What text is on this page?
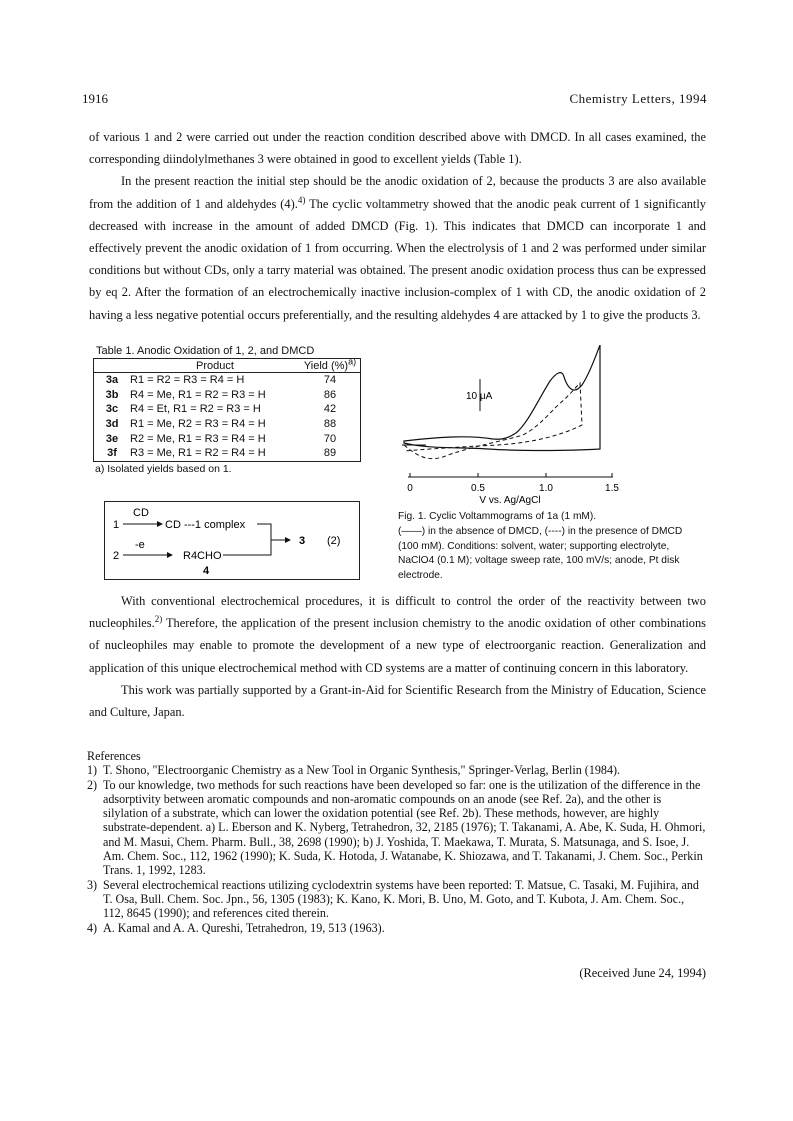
1916	Chemistry Letters, 1994

of various 1 and 2 were carried out under the reaction condition described above with DMCD. In all cases examined, the corresponding diindolylmethanes 3 were obtained in good to excellent yields (Table 1).

In the present reaction the initial step should be the anodic oxidation of 2, because the products 3 are also available from the addition of 1 and aldehydes (4).$^{4)}$ The cyclic voltammetry showed that the anodic peak current of 1 significantly decreased with increase in the amount of added DMCD (Fig. 1). This indicates that DMCD can incorporate 1 and effectively prevent the anodic oxidation of 1 from occurring. When the electrolysis of 1 and 2 was performed under similar conditions but without CDs, only a tarry material was obtained. The present anodic oxidation process thus can be expressed by eq 2. After the formation of an electrochemically inactive inclusion-complex of 1 with CD, the anodic oxidation of 2 having a less negative potential occurs preferentially, and the resulting aldehydes 4 are attacked by 1 to give the products 3.

Table 1. Anodic Oxidation of 1, 2, and DMCD
	Product	Yield (%)$^{a)}$
3a	R1 = R2 = R3 = R4 = H	74
3b	R4 = Me, R1 = R2 = R3 = H	86
3c	R4 = Et, R1 = R2 = R3 = H	42
3d	R1 = Me, R2 = R3 = R4 = H	88
3e	R2 = Me, R1 = R3 = R4 = H	70
3f	R3 = Me, R1 = R2 = R4 = H	89
a) Isolated yields based on 1.
1
CD
CD ---1 complex
2
-e
R4CHO
4
3 (2)
10 μA
0	0.5	1.0	1.5
V vs. Ag/AgCl
Fig. 1. Cyclic Voltammograms of 1a (1 mM).
(——) in the absence of DMCD, (----) in the presence of DMCD (100 mM). Conditions: solvent, water; supporting electrolyte, NaClO4 (0.1 M); voltage sweep rate, 100 mV/s; anode, Pt disk electrode.

With conventional electrochemical procedures, it is difficult to control the order of the reactivity between two nucleophiles.$^{2)}$ Therefore, the application of the present inclusion chemistry to the anodic oxidation of other combinations of nucleophiles may enable to promote the development of a new type of electroorganic reaction. Generalization and application of this unique electrochemical method with CD systems are a matter of continuing concern in this laboratory.

This work was partially supported by a Grant-in-Aid for Scientific Research from the Ministry of Education, Science and Culture, Japan.

References
1) T. Shono, "Electroorganic Chemistry as a New Tool in Organic Synthesis," Springer-Verlag, Berlin (1984).
2) To our knowledge, two methods for such reactions have been developed so far: one is the utilization of the difference in the adsorptivity between aromatic compounds and non-aromatic compounds on an anode (see Ref. 2a), and the other is silylation of a substrate, which can lower the oxidation potential (see Ref. 2b). These methods, however, are highly substrate-dependent. a) L. Eberson and K. Nyberg, Tetrahedron, 32, 2185 (1976); T. Takanami, A. Abe, K. Suda, H. Ohmori, and M. Masui, Chem. Pharm. Bull., 38, 2698 (1990); b) J. Yoshida, T. Maekawa, T. Murata, S. Matsunaga, and S. Isoe, J. Am. Chem. Soc., 112, 1962 (1990); K. Suda, K. Hotoda, J. Watanabe, K. Shiozawa, and T. Takanami, J. Chem. Soc., Perkin Trans. 1, 1992, 1283.
3) Several electrochemical reactions utilizing cyclodextrin systems have been reported: T. Matsue, C. Tasaki, M. Fujihira, and T. Osa, Bull. Chem. Soc. Jpn., 56, 1305 (1983); K. Kano, K. Mori, B. Uno, M. Goto, and T. Kubota, J. Am. Chem. Soc., 112, 8645 (1990); and references cited therein.
4) A. Kamal and A. A. Qureshi, Tetrahedron, 19, 513 (1963).
(Received June 24, 1994)
